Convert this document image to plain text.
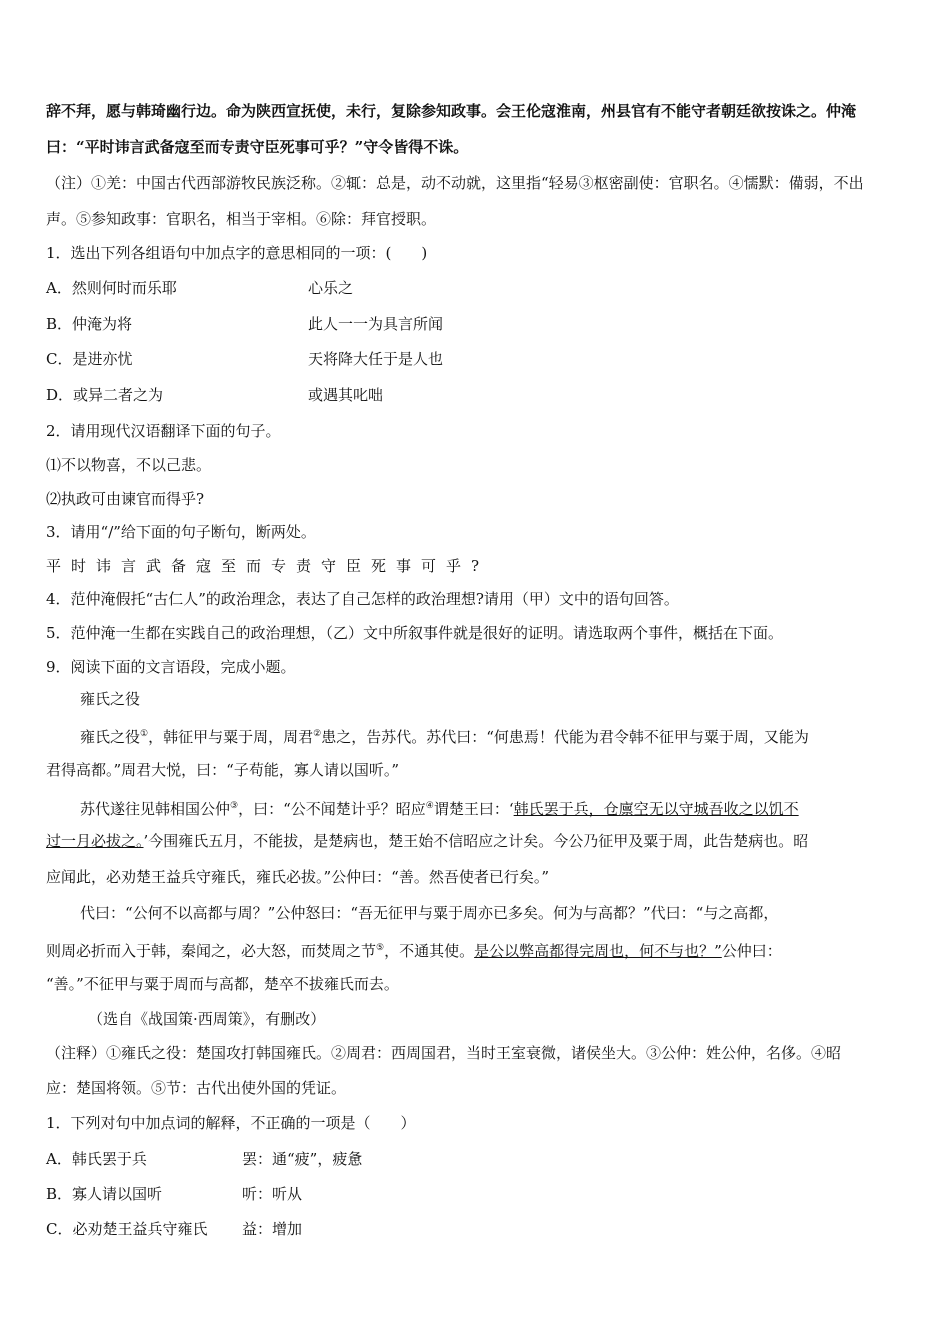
辞不拜，愿与韩琦幽行边。命为陕西宣抚使，未行，复除参知政事。会王伦寇淮南，州县官有不能守者朝廷欲按诛之。仲淹
曰：“平时讳言武备寇至而专责守臣死事可乎？”守令皆得不诛。
（注）①羌：中国古代西部游牧民族泛称。②辄：总是，动不动就，这里指“轻易③枢密副使：官职名。④懦默：備弱，不出
声。⑤参知政事：官职名，相当于宰相。⑥除：拜官授职。
1．选出下列各组语句中加点字的意思相同的一项：(　　)
A．然则何时而乐耶	心乐之
B．仲淹为将	此人一一为具言所闻
C．是进亦忧	天将降大任于是人也
D．或异二者之为	或遇其叱咄
2．请用现代汉语翻译下面的句子。
⑴不以物喜，不以己悲。
⑵执政可由谏官而得乎?
3．请用“/”给下面的句子断句，断两处。
平时讳言武备寇至而专责守臣死事可乎?
4．范仲淹假托“古仁人”的政治理念，表达了自己怎样的政治理想?请用（甲）文中的语句回答。
5．范仲淹一生都在实践自己的政治理想，（乙）文中所叙事件就是很好的证明。请选取两个事件，概括在下面。
9．阅读下面的文言语段，完成小题。
雍氏之役
雍氏之役①，韩征甲与粟于周，周君②患之，告苏代。苏代曰：“何患焉！代能为君令韩不征甲与粟于周，又能为
君得高都。”周君大悦，曰：“子苟能，寡人请以国听。”
苏代遂往见韩相国公仲③，曰：“公不闻楚计乎？昭应④谓楚王曰：‘韩氏罢于兵，仓廪空无以守城吾收之以饥不
过一月必拔之。’今围雍氏五月，不能拔，是楚病也，楚王始不信昭应之计矣。今公乃征甲及粟于周，此告楚病也。昭
应闻此，必劝楚王益兵守雍氏，雍氏必拔。”公仲曰：“善。然吾使者已行矣。”
代曰：“公何不以高都与周？”公仲怒曰：“吾无征甲与粟于周亦已多矣。何为与高都？”代曰：“与之高都，
则周必折而入于韩，秦闻之，必大怒，而焚周之节⑤，不通其使。是公以弊高都得完周也，何不与也？”公仲曰：
“善。”不征甲与粟于周而与高都，楚卒不拔雍氏而去。
（选自《战国策·西周策》，有删改）
（注释）①雍氏之役：楚国攻打韩国雍氏。②周君：西周国君，当时王室衰微，诸侯坐大。③公仲：姓公仲，名侈。④昭
应：楚国将领。⑤节：古代出使外国的凭证。
1．下列对句中加点词的解释，不正确的一项是（　　）
A．韩氏罢于兵	罢：通“疲”，疲惫
B．寡人请以国听	听：听从
C．必劝楚王益兵守雍氏 益：增加
